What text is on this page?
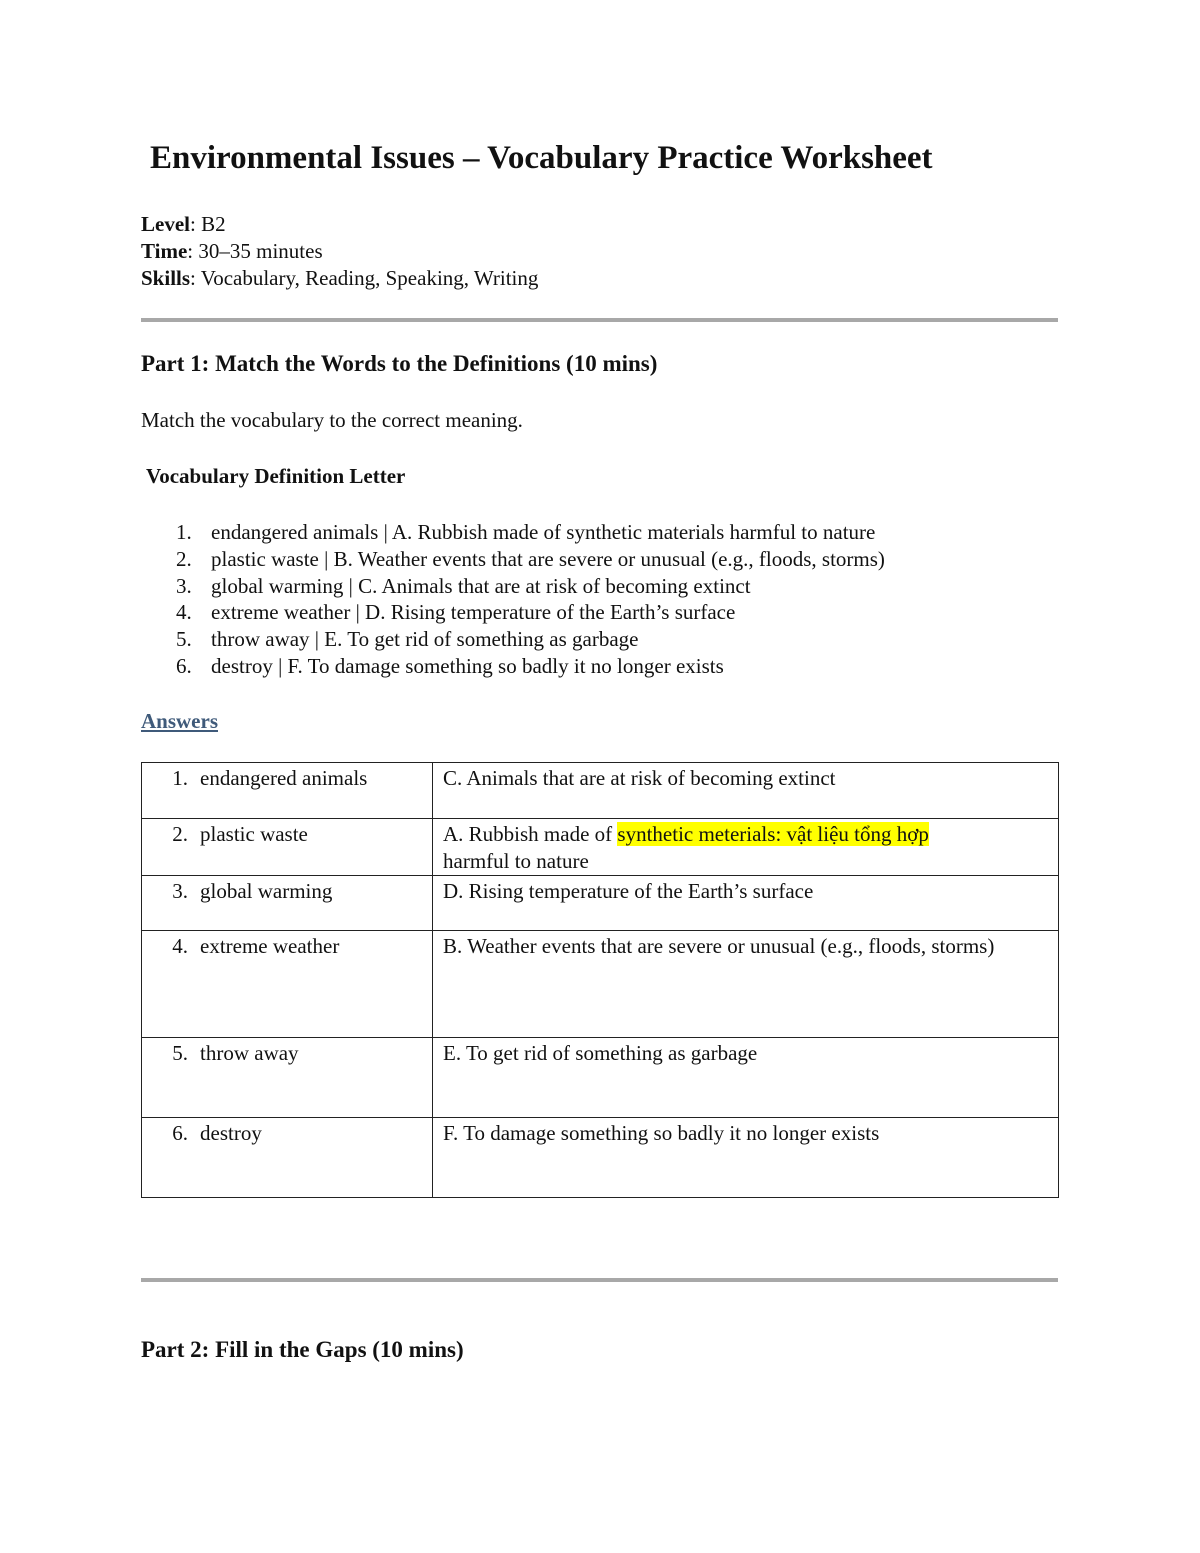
Environmental Issues – Vocabulary Practice Worksheet
Level: B2
Time: 30–35 minutes
Skills: Vocabulary, Reading, Speaking, Writing
Part 1: Match the Words to the Definitions (10 mins)
Match the vocabulary to the correct meaning.
Vocabulary Definition Letter
1. endangered animals | A. Rubbish made of synthetic materials harmful to nature
2. plastic waste | B. Weather events that are severe or unusual (e.g., floods, storms)
3. global warming | C. Animals that are at risk of becoming extinct
4. extreme weather | D. Rising temperature of the Earth’s surface
5. throw away | E. To get rid of something as garbage
6. destroy | F. To damage something so badly it no longer exists
Answers
1. endangered animals	C. Animals that are at risk of becoming extinct
2. plastic waste	A. Rubbish made of synthetic meterials: vật liệu tổng hợp
harmful to nature
3. global warming	D. Rising temperature of the Earth’s surface
4. extreme weather	B. Weather events that are severe or unusual (e.g., floods, storms)
5. throw away	E. To get rid of something as garbage
6. destroy	F. To damage something so badly it no longer exists
Part 2: Fill in the Gaps (10 mins)
